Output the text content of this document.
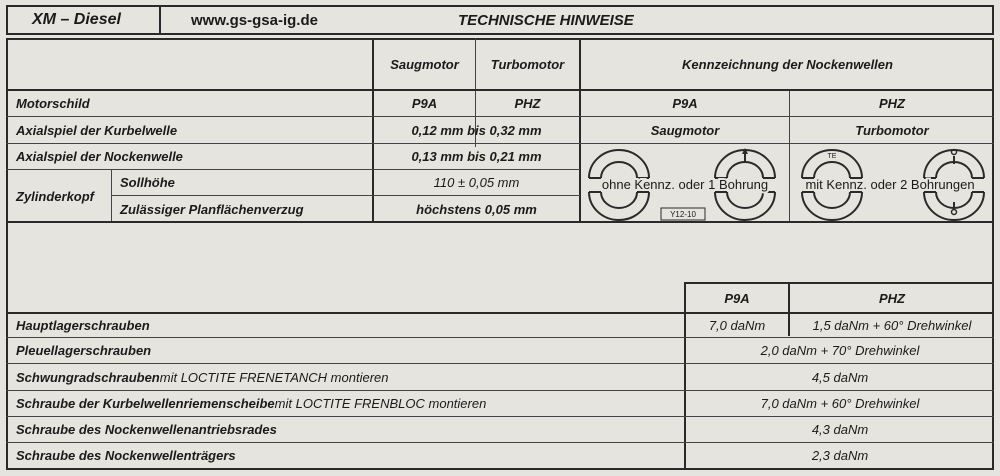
XM – Diesel	www.gs-gsa-ig.de	TECHNISCHE HINWEISE
Saugmotor	Turbomotor	Kennzeichnung der Nockenwellen
Motorschild	P9A	PHZ	P9A	PHZ
Axialspiel der Kurbelwelle	0,12 mm bis 0,32 mm	Saugmotor	Turbomotor
Axialspiel der Nockenwelle	0,13 mm bis 0,21 mm
Zylinderkopf
Sollhöhe	110 ± 0,05 mm
Zulässiger Planflächenverzug	höchstens 0,05 mm
ohne Kennz. oder 1 Bohrung
Y12-10
TE
mit Kennz. oder 2 Bohrungen
P9A	PHZ
Hauptlagerschrauben	7,0 daNm	1,5 daNm + 60° Drehwinkel
Pleuellagerschrauben	2,0 daNm + 70° Drehwinkel
Schwungradschrauben mit LOCTITE FRENETANCH montieren	4,5 daNm
Schraube der Kurbelwellenriemenscheibe mit LOCTITE FRENBLOC montieren	7,0 daNm + 60° Drehwinkel
Schraube des Nockenwellenantriebsrades	4,3 daNm
Schraube des Nockenwellenträgers	2,3 daNm
